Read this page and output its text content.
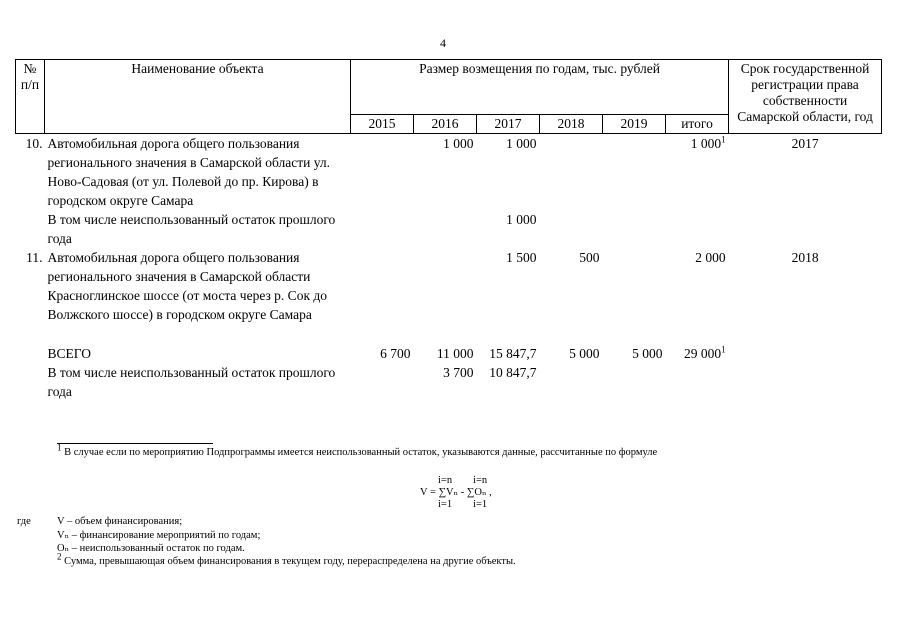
4
№ п/п	Наименование объекта	Размер возмещения по годам, тыс. рублей						Срок государственной регистрации права собственности Самарской области, год
		2015	2016	2017	2018	2019	итого	
10.	Автомобильная дорога общего пользования регионального значения в Самарской области ул. Ново-Садовая (от ул. Полевой до пр. Кирова) в городском округе Самара		1 000	1 000			1 $000^1$	2017
	В том числе неиспользованный остаток прошлого года			1 000				
11.	Автомобильная дорога общего пользования регионального значения в Самарской области Красноглинское шоссе (от моста через р. Сок до Волжского шоссе) в городском округе Самара			1 500	500		2 000	2018
	ВСЕГО	6 700	11 000	15 847,7	5 000	5 000	29 $000^1$	
	В том числе неиспользованный остаток прошлого года		3 700	10 847,7				
$^1$ В случае если по мероприятию Подпрограммы имеется неиспользованный остаток, указываются данные, рассчитанные по формуле
i=n        i=n
V = ∑Vₙ - ∑Oₙ ,
i=1        i=1
где V – объем финансирования;
Vₙ – финансирование мероприятий по годам;
Oₙ – неиспользованный остаток по годам.
$^2$ Сумма, превышающая объем финансирования в текущем году, перераспределена на другие объекты.
